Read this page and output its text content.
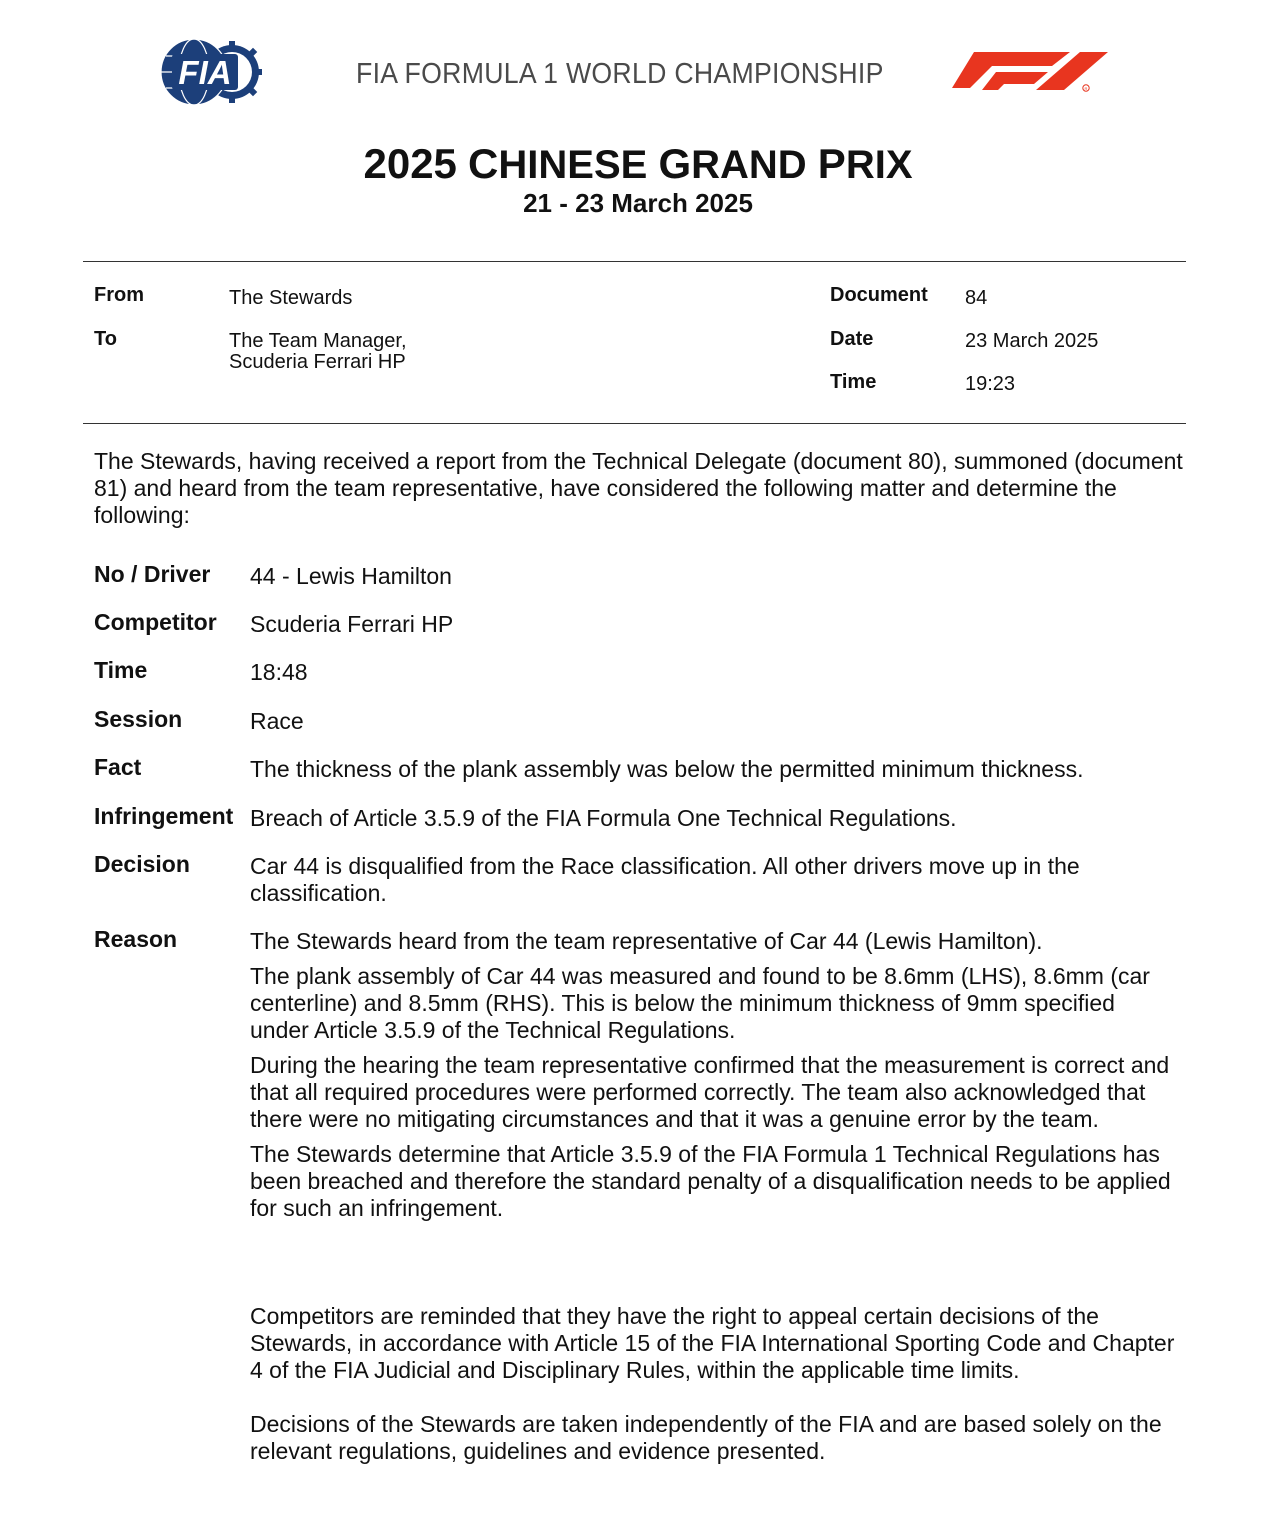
FIA	FIA FORMULA 1 WORLD CHAMPIONSHIP	R
2025 CHINESE GRAND PRIX
21 - 23 March 2025
From	The Stewards
To	The Team Manager,
Scuderia Ferrari HP
Document 84
Date	23 March 2025
Time	19:23
The Stewards, having received a report from the Technical Delegate (document 80), summoned (document 81) and heard from the team representative, have considered the following matter and determine the following:
No / Driver 44 - Lewis Hamilton
Competitor Scuderia Ferrari HP
Time	18:48
Session	Race
Fact	The thickness of the plank assembly was below the permitted minimum thickness.
Infringement Breach of Article 3.5.9 of the FIA Formula One Technical Regulations.
Decision	Car 44 is disqualified from the Race classification. All other drivers move up in the classification.
Reason	The Stewards heard from the team representative of Car 44 (Lewis Hamilton).

The plank assembly of Car 44 was measured and found to be 8.6mm (LHS), 8.6mm (car centerline) and 8.5mm (RHS). This is below the minimum thickness of 9mm specified under Article 3.5.9 of the Technical Regulations.

During the hearing the team representative confirmed that the measurement is correct and that all required procedures were performed correctly. The team also acknowledged that there were no mitigating circumstances and that it was a genuine error by the team.

The Stewards determine that Article 3.5.9 of the FIA Formula 1 Technical Regulations has been breached and therefore the standard penalty of a disqualification needs to be applied for such an infringement.

Competitors are reminded that they have the right to appeal certain decisions of the Stewards, in accordance with Article 15 of the FIA International Sporting Code and Chapter 4 of the FIA Judicial and Disciplinary Rules, within the applicable time limits.
Decisions of the Stewards are taken independently of the FIA and are based solely on the relevant regulations, guidelines and evidence presented.
